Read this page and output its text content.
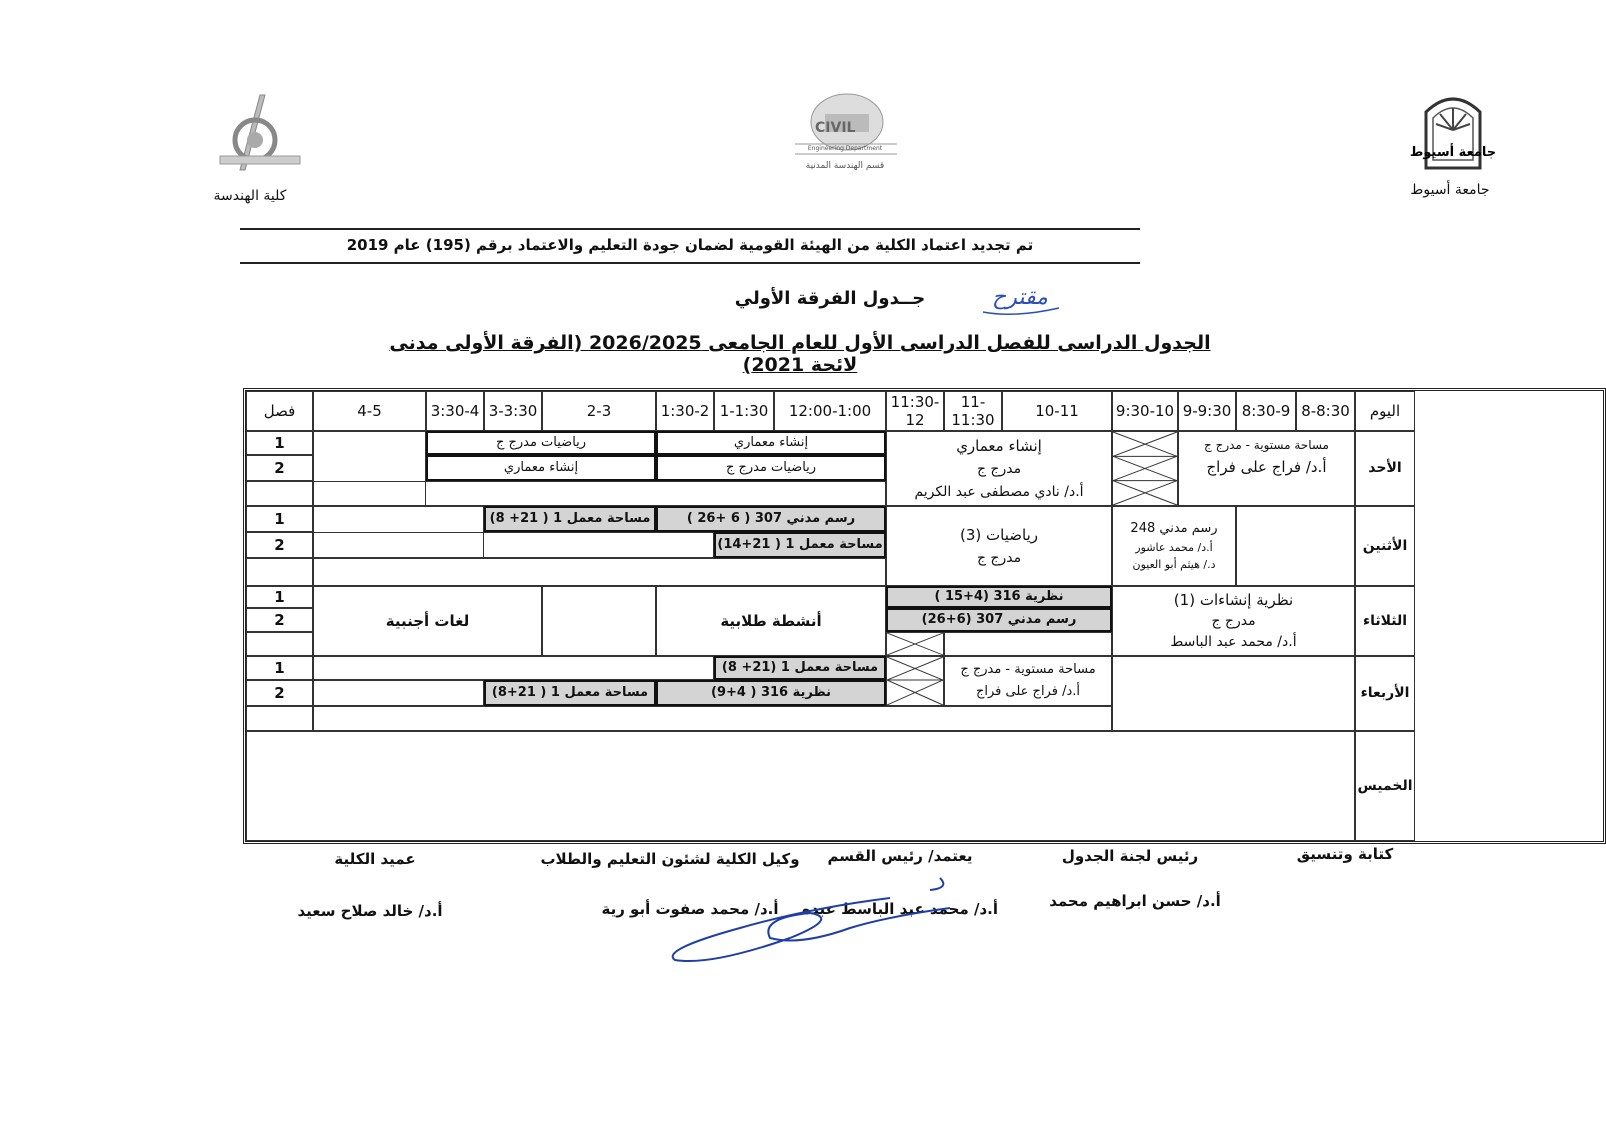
جامعة أسيوط
جامعة أسيوط
كلية الهندسة
CIVIL
Engineering Department
قسم الهندسة المدنية
تم تجديد اعتماد الكلية من الهيئة القومية لضمان جودة التعليم والاعتماد برقم (195) عام 2019
جــدول الفرقة الأولي	مقترح
الجدول الدراسى للفصل الدراسى الأول للعام الجامعى 2026/2025 (الفرقة الأولى مدنى لائحة 2021)
اليوم
8-8:30
8:30-9
9-9:30
9:30-10
10-11
11-11:30
11:30-12
12:00-1:00
1-1:30
1:30-2
2-3
3-3:30
3:30-4
4-5
فصل
الأحد
الأثنين
الثلاثاء
الأربعاء
الخميس
1
2
1
2
1
2
1
2
مساحة مستوية - مدرج ج
أ.د/ فراج على فراج
إنشاء معماري
مدرج ج
أ.د/ نادي مصطفى عبد الكريم
إنشاء معماري
رياضيات مدرج ج
رياضيات مدرج ج
إنشاء معماري
رسم مدني 248
أ.د/ محمد عاشور
د./ هيثم أبو العيون
رياضيات (3)
مدرج ج
رسم مدني 307 ( 6 +26 )
مساحة معمل 1 ( 21+ 8)
مساحة معمل 1 ( 21+14)
نظرية إنشاءات (1)
مدرج ج
أ.د/ محمد عبد الباسط
نظرية 316 (4+15 )
رسم مدني 307 (6+26)
أنشطة طلابية
لغات أجنبية
مساحة مستوية - مدرج ج
أ.د/ فراج على فراج
مساحة معمل 1 (21+ 8)
نظرية 316 ( 4+9)
مساحة معمل 1 ( 21+8)
كتابة وتنسيق
رئيس لجنة الجدول
أ.د/ حسن ابراهيم محمد
يعتمد/ رئيس القسم
أ.د/ محمد عبد الباسط عبده
وكيل الكلية لشئون التعليم والطلاب
أ.د/ محمد صفوت أبو رية
عميد الكلية
أ.د/ خالد صلاح سعيد
